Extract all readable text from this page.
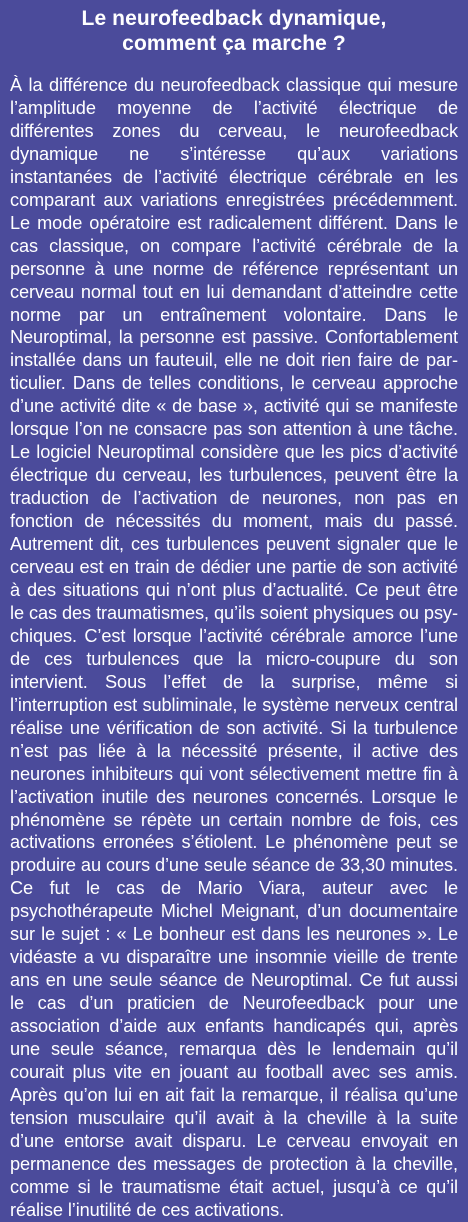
Le neurofeedback dynamique,
comment ça marche ?

À la différence du neurofeedback classique qui mesure l’amplitude moyenne de l’activité électrique de différentes zones du cerveau, le neurofeedback dynamique ne s’intéresse qu’aux variations instantanées de l’activité électrique cérébrale en les comparant aux variations enregistrées précédemment. Le mode opératoire est radicalement différent. Dans le cas classique, on compare l’activité cérébrale de la personne à une norme de référence représentant un cerveau normal tout en lui demandant d’atteindre cette norme par un entraînement volontaire. Dans le Neuroptimal, la personne est passive. Confortablement installée dans un fauteuil, elle ne doit rien faire de particulier. Dans de telles conditions, le cerveau approche d’une activité dite « de base », activité qui se manifeste lorsque l’on ne consacre pas son attention à une tâche. Le logiciel Neuroptimal considère que les pics d’activité électrique du cerveau, les turbulences, peuvent être la traduction de l’activation de neurones, non pas en fonction de nécessités du moment, mais du passé. Autrement dit, ces turbulences peuvent signaler que le cerveau est en train de dédier une partie de son activité à des situations qui n’ont plus d’actualité. Ce peut être le cas des traumatismes, qu’ils soient physiques ou psychiques. C’est lorsque l’activité cérébrale amorce l’une de ces turbulences que la micro-coupure du son intervient. Sous l’effet de la surprise, même si l’interruption est subliminale, le système nerveux central réalise une vérification de son activité. Si la turbulence n’est pas liée à la nécessité présente, il active des neurones inhibiteurs qui vont sélectivement mettre fin à l’activation inutile des neurones concernés. Lorsque le phénomène se répète un certain nombre de fois, ces activations erronées s’étiolent. Le phénomène peut se produire au cours d’une seule séance de 33,30 minutes. Ce fut le cas de Mario Viara, auteur avec le psychothérapeute Michel Meignant, d’un documentaire sur le sujet : « Le bonheur est dans les neurones ». Le vidéaste a vu disparaître une insomnie vieille de trente ans en une seule séance de Neuroptimal. Ce fut aussi le cas d’un praticien de Neurofeedback pour une association d’aide aux enfants handicapés qui, après une seule séance, remarqua dès le lendemain qu’il courait plus vite en jouant au football avec ses amis. Après qu’on lui en ait fait la remarque, il réalisa qu’une tension musculaire qu’il avait à la cheville à la suite d’une entorse avait disparu. Le cerveau envoyait en permanence des messages de protection à la cheville, comme si le traumatisme était actuel, jusqu’à ce qu’il réalise l’inutilité de ces activations.
